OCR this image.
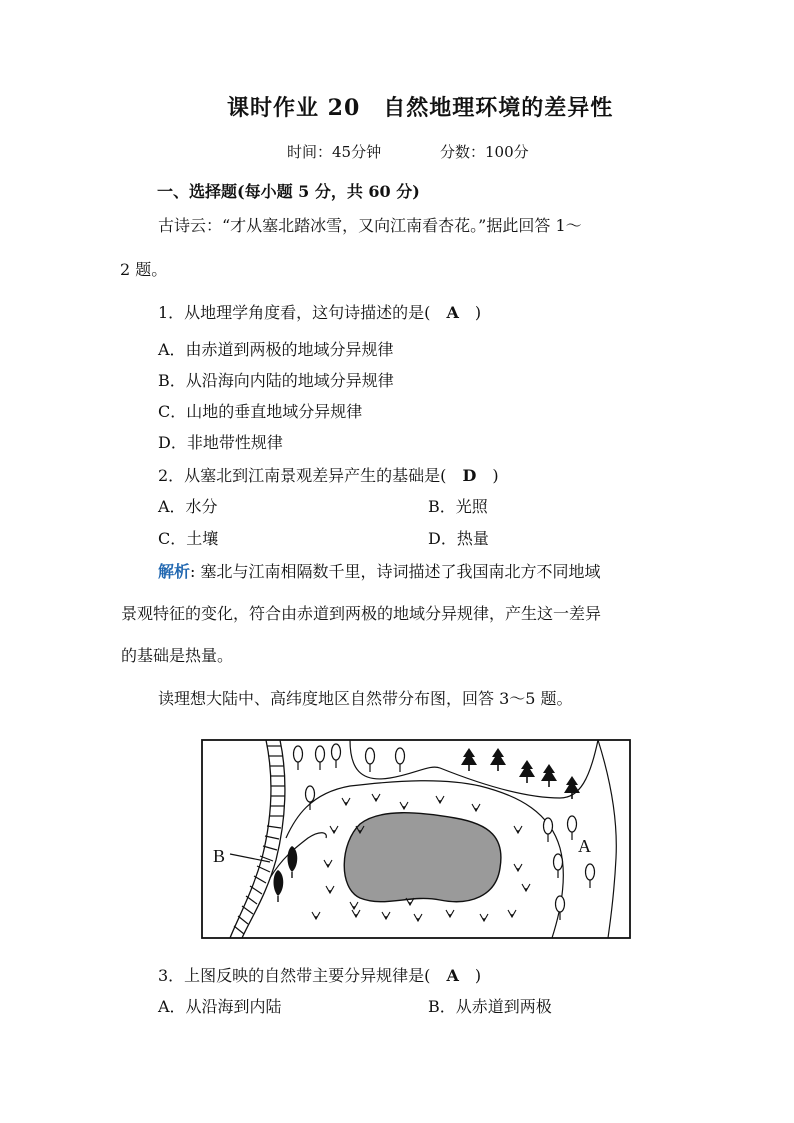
课时作业 20　自然地理环境的差异性
时间：45分钟	分数：100分
一、选择题(每小题 5 分，共 60 分)
古诗云：“才从塞北踏冰雪，又向江南看杏花。”据此回答 1～
2 题。
1．从地理学角度看，这句诗描述的是(　A　)
A．由赤道到两极的地域分异规律
B．从沿海向内陆的地域分异规律
C．山地的垂直地域分异规律
D．非地带性规律
2．从塞北到江南景观差异产生的基础是(　D　)
A．水分	B．光照
C．土壤	D．热量
解析: 塞北与江南相隔数千里，诗词描述了我国南北方不同地域
景观特征的变化，符合由赤道到两极的地域分异规律，产生这一差异
的基础是热量。
读理想大陆中、高纬度地区自然带分布图，回答 3～5 题。
B	A
3．上图反映的自然带主要分异规律是(　A　)
A．从沿海到内陆	B．从赤道到两极
